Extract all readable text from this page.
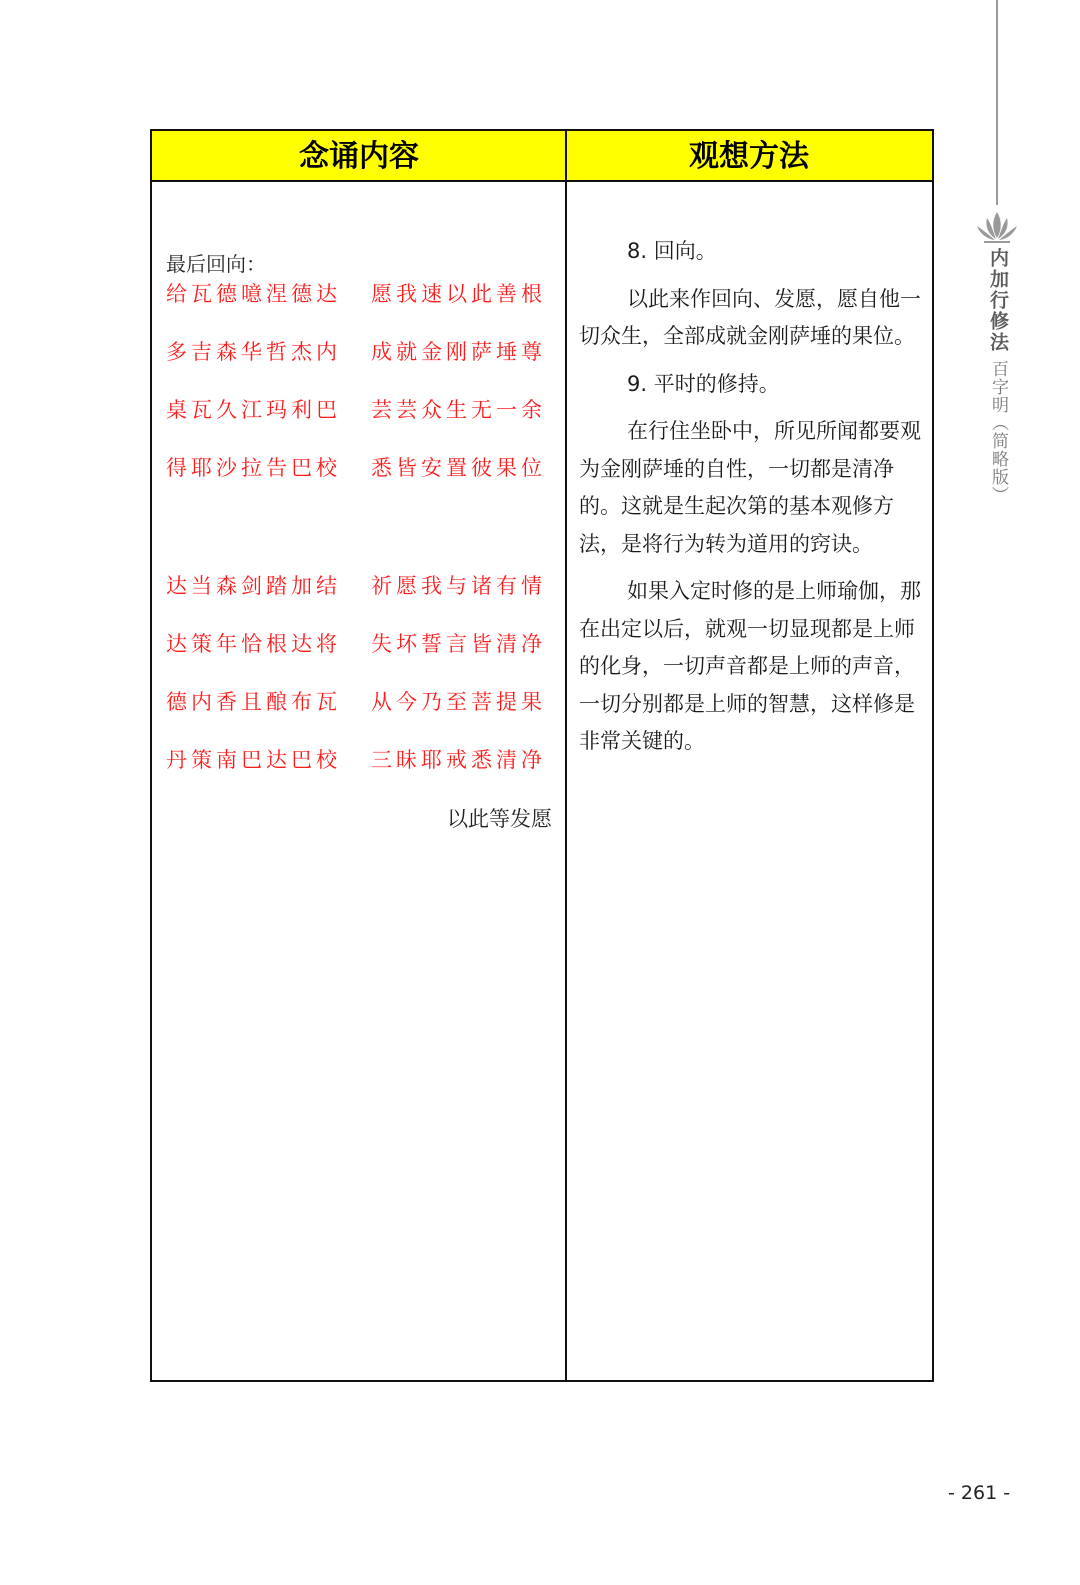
内加行修法
百字明（简略版）
念诵内容	观想方法
最后回向：
给瓦德噫涅德达	愿我速以此善根
多吉森华哲杰内	成就金刚萨埵尊
桌瓦久江玛利巴	芸芸众生无一余
得耶沙拉告巴校	悉皆安置彼果位
达当森剑踏加结	祈愿我与诸有情
达策年恰根达将	失坏誓言皆清净
德内香且酿布瓦	从今乃至菩提果
丹策南巴达巴校	三昧耶戒悉清净
以此等发愿
8. 回向。

以此来作回向、发愿，愿自他一切众生，全部成就金刚萨埵的果位。

9. 平时的修持。

在行住坐卧中，所见所闻都要观为金刚萨埵的自性，一切都是清净的。这就是生起次第的基本观修方法，是将行为转为道用的窍诀。

如果入定时修的是上师瑜伽，那在出定以后，就观一切显现都是上师的化身，一切声音都是上师的声音，一切分别都是上师的智慧，这样修是非常关键的。

- 261 -
